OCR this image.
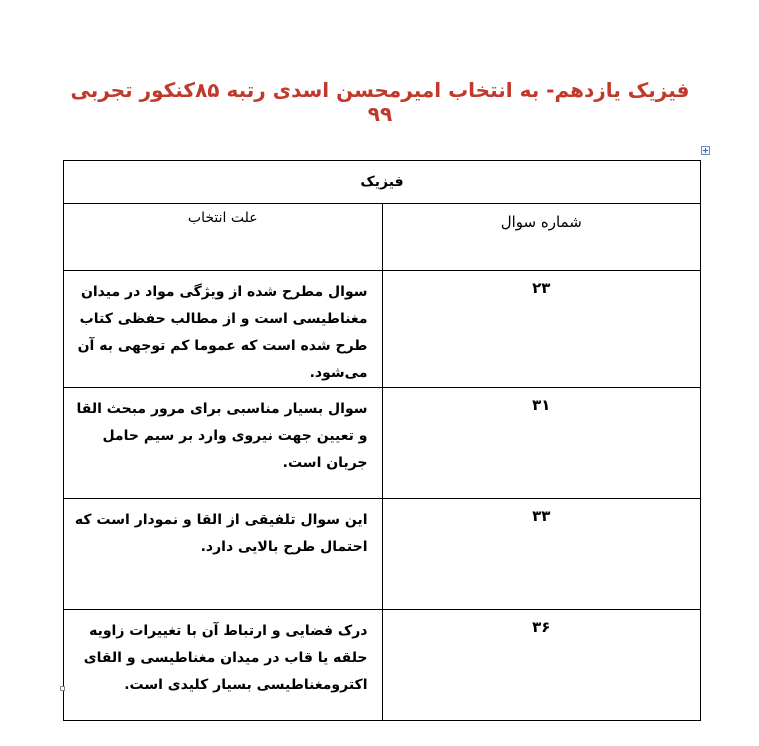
فیزیک یازدهم- به انتخاب امیرمحسن اسدی رتبه ۸۵کنکور تجربی ۹۹
فیزیک	
شماره سوال	علت انتخاب
۲۳	سوال مطرح شده از ویژگی مواد در میدان مغناطیسی است و از مطالب حفظی کتاب طرح شده است که عموما کم توجهی به آن می‌شود.
۳۱	سوال بسیار مناسبی برای مرور مبحث القا و تعیین جهت نیروی وارد بر سیم حامل جریان است.
۳۳	این سوال تلفیقی از القا و نمودار است که احتمال طرح بالایی دارد.
۳۶	درک فضایی و ارتباط آن با تغییرات زاویه حلقه یا قاب در میدان مغناطیسی و القای اکترومغناطیسی بسیار کلیدی است.
